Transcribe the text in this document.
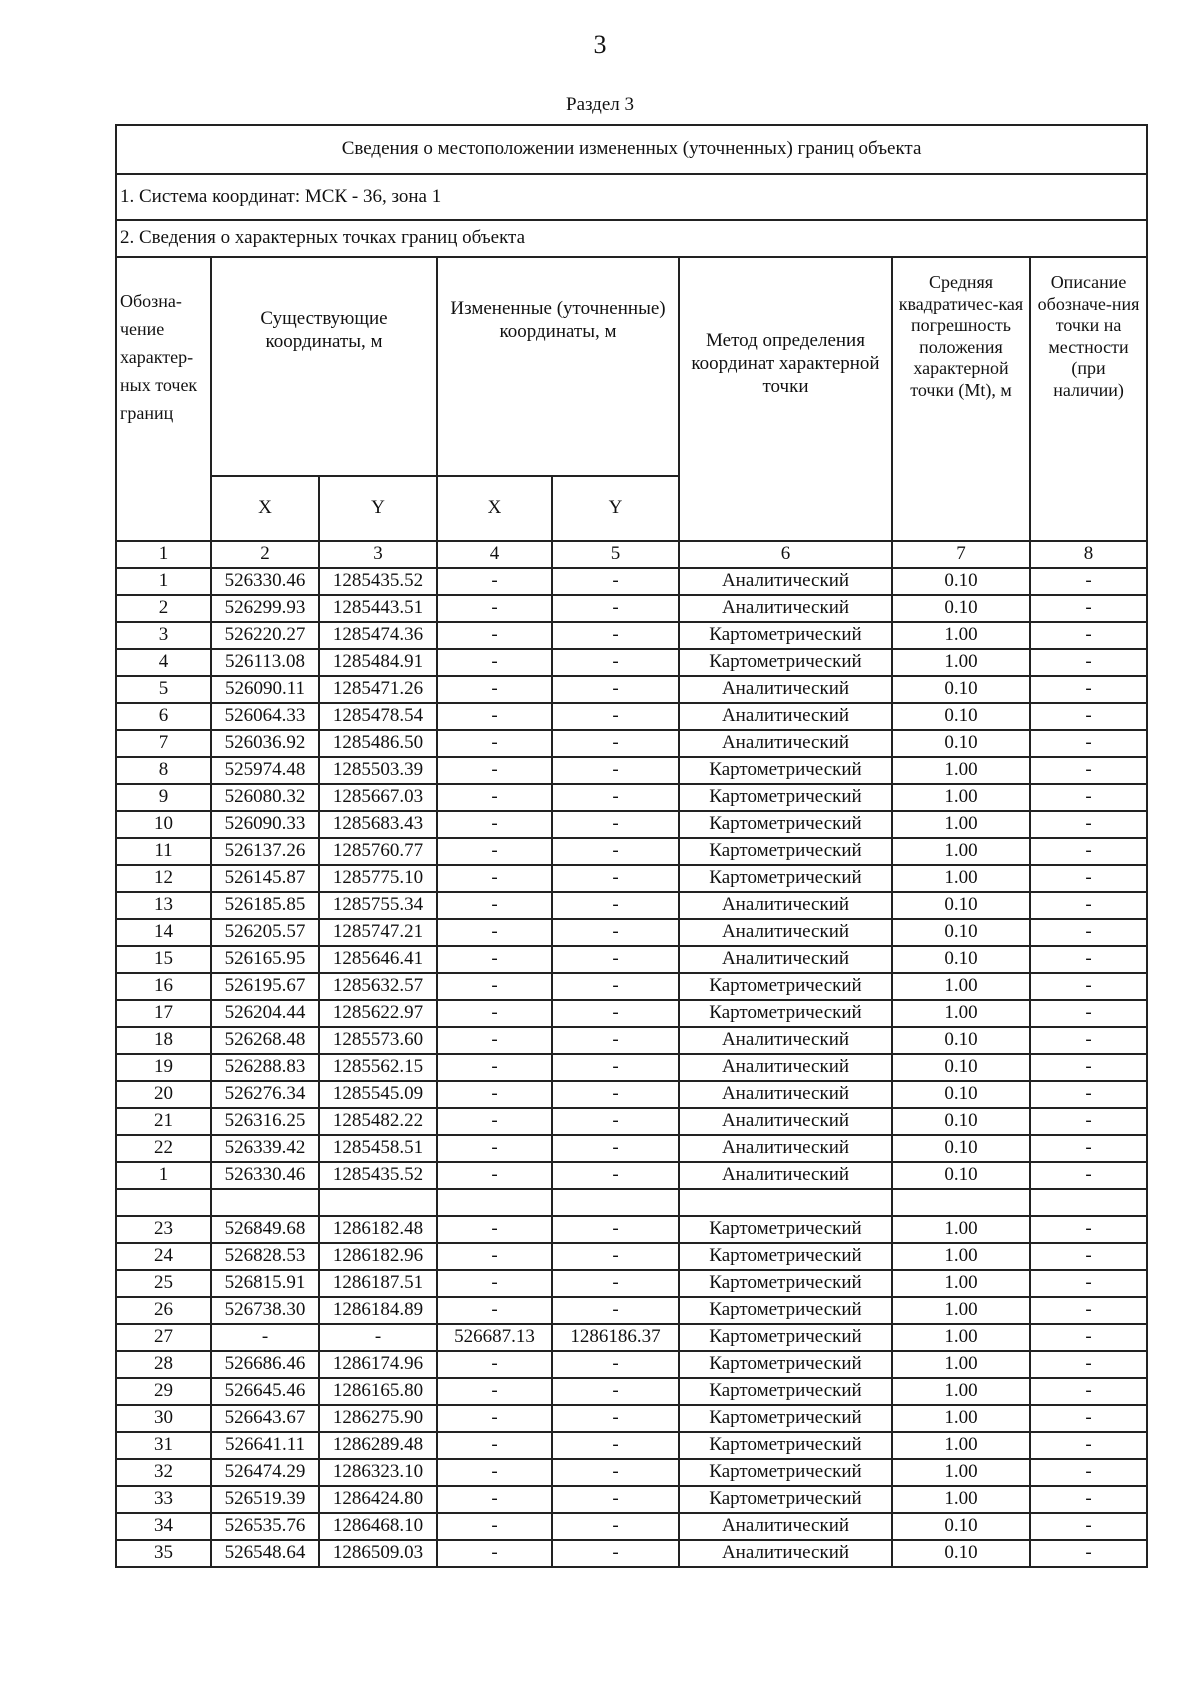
3
Раздел 3
Сведения о местоположении измененных (уточненных) границ объекта							
1. Система координат: МСК - 36, зона 1							
2. Сведения о характерных точках границ объекта							

Обозна-чение характер-ных точек границ	Существующие координаты, м		Измененные (уточненные) координаты, м		Метод определения координат характерной точки	Средняя квадратичес-кая погрешность положения характерной точки (Mt), м	Описание обозначе-ния точки на местности (при наличии)
	X	Y	X	Y			
1	2	3	4	5	6	7	8
1	526330.46	1285435.52	-	-	Аналитический	0.10	-
2	526299.93	1285443.51	-	-	Аналитический	0.10	-
3	526220.27	1285474.36	-	-	Картометрический	1.00	-
4	526113.08	1285484.91	-	-	Картометрический	1.00	-
5	526090.11	1285471.26	-	-	Аналитический	0.10	-
6	526064.33	1285478.54	-	-	Аналитический	0.10	-
7	526036.92	1285486.50	-	-	Аналитический	0.10	-
8	525974.48	1285503.39	-	-	Картометрический	1.00	-
9	526080.32	1285667.03	-	-	Картометрический	1.00	-
10	526090.33	1285683.43	-	-	Картометрический	1.00	-
11	526137.26	1285760.77	-	-	Картометрический	1.00	-
12	526145.87	1285775.10	-	-	Картометрический	1.00	-
13	526185.85	1285755.34	-	-	Аналитический	0.10	-
14	526205.57	1285747.21	-	-	Аналитический	0.10	-
15	526165.95	1285646.41	-	-	Аналитический	0.10	-
16	526195.67	1285632.57	-	-	Картометрический	1.00	-
17	526204.44	1285622.97	-	-	Картометрический	1.00	-
18	526268.48	1285573.60	-	-	Аналитический	0.10	-
19	526288.83	1285562.15	-	-	Аналитический	0.10	-
20	526276.34	1285545.09	-	-	Аналитический	0.10	-
21	526316.25	1285482.22	-	-	Аналитический	0.10	-
22	526339.42	1285458.51	-	-	Аналитический	0.10	-
1	526330.46	1285435.52	-	-	Аналитический	0.10	-

23	526849.68	1286182.48	-	-	Картометрический	1.00	-
24	526828.53	1286182.96	-	-	Картометрический	1.00	-
25	526815.91	1286187.51	-	-	Картометрический	1.00	-
26	526738.30	1286184.89	-	-	Картометрический	1.00	-
27	-	-	526687.13	1286186.37	Картометрический	1.00	-
28	526686.46	1286174.96	-	-	Картометрический	1.00	-
29	526645.46	1286165.80	-	-	Картометрический	1.00	-
30	526643.67	1286275.90	-	-	Картометрический	1.00	-
31	526641.11	1286289.48	-	-	Картометрический	1.00	-
32	526474.29	1286323.10	-	-	Картометрический	1.00	-
33	526519.39	1286424.80	-	-	Картометрический	1.00	-
34	526535.76	1286468.10	-	-	Аналитический	0.10	-
35	526548.64	1286509.03	-	-	Аналитический	0.10	-
